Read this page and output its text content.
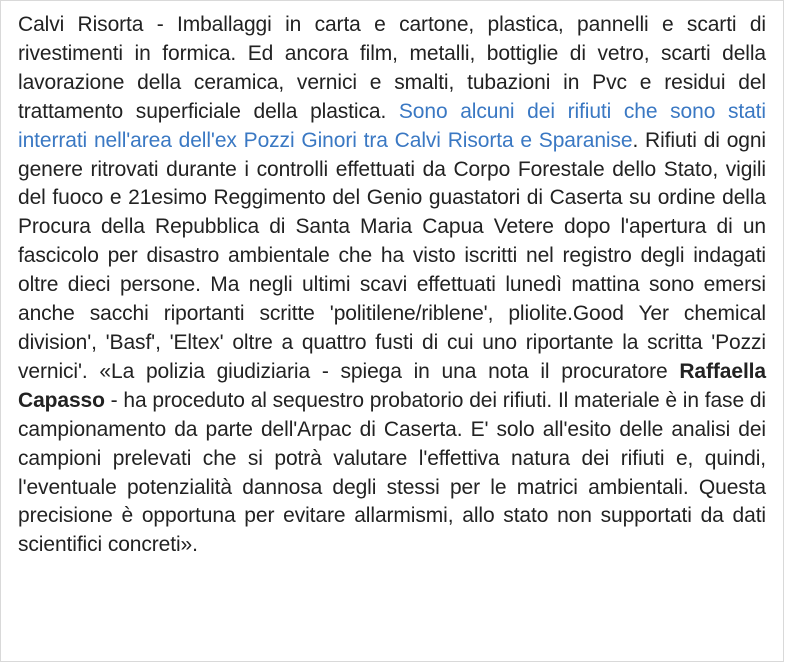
Calvi Risorta - Imballaggi in carta e cartone, plastica, pannelli e scarti di rivestimenti in formica. Ed ancora film, metalli, bottiglie di vetro, scarti della lavorazione della ceramica, vernici e smalti, tubazioni in Pvc e residui del trattamento superficiale della plastica. Sono alcuni dei rifiuti che sono stati interrati nell'area dell'ex Pozzi Ginori tra Calvi Risorta e Sparanise. Rifiuti di ogni genere ritrovati durante i controlli effettuati da Corpo Forestale dello Stato, vigili del fuoco e 21esimo Reggimento del Genio guastatori di Caserta su ordine della Procura della Repubblica di Santa Maria Capua Vetere dopo l'apertura di un fascicolo per disastro ambientale che ha visto iscritti nel registro degli indagati oltre dieci persone. Ma negli ultimi scavi effettuati lunedì mattina sono emersi anche sacchi riportanti scritte 'politilene/riblene', pliolite.Good Yer chemical division', 'Basf', 'Eltex' oltre a quattro fusti di cui uno riportante la scritta 'Pozzi vernici'. «La polizia giudiziaria - spiega in una nota il procuratore Raffaella Capasso - ha proceduto al sequestro probatorio dei rifiuti. Il materiale è in fase di campionamento da parte dell'Arpac di Caserta. E' solo all'esito delle analisi dei campioni prelevati che si potrà valutare l'effettiva natura dei rifiuti e, quindi, l'eventuale potenzialità dannosa degli stessi per le matrici ambientali. Questa precisione è opportuna per evitare allarmismi, allo stato non supportati da dati scientifici concreti».
